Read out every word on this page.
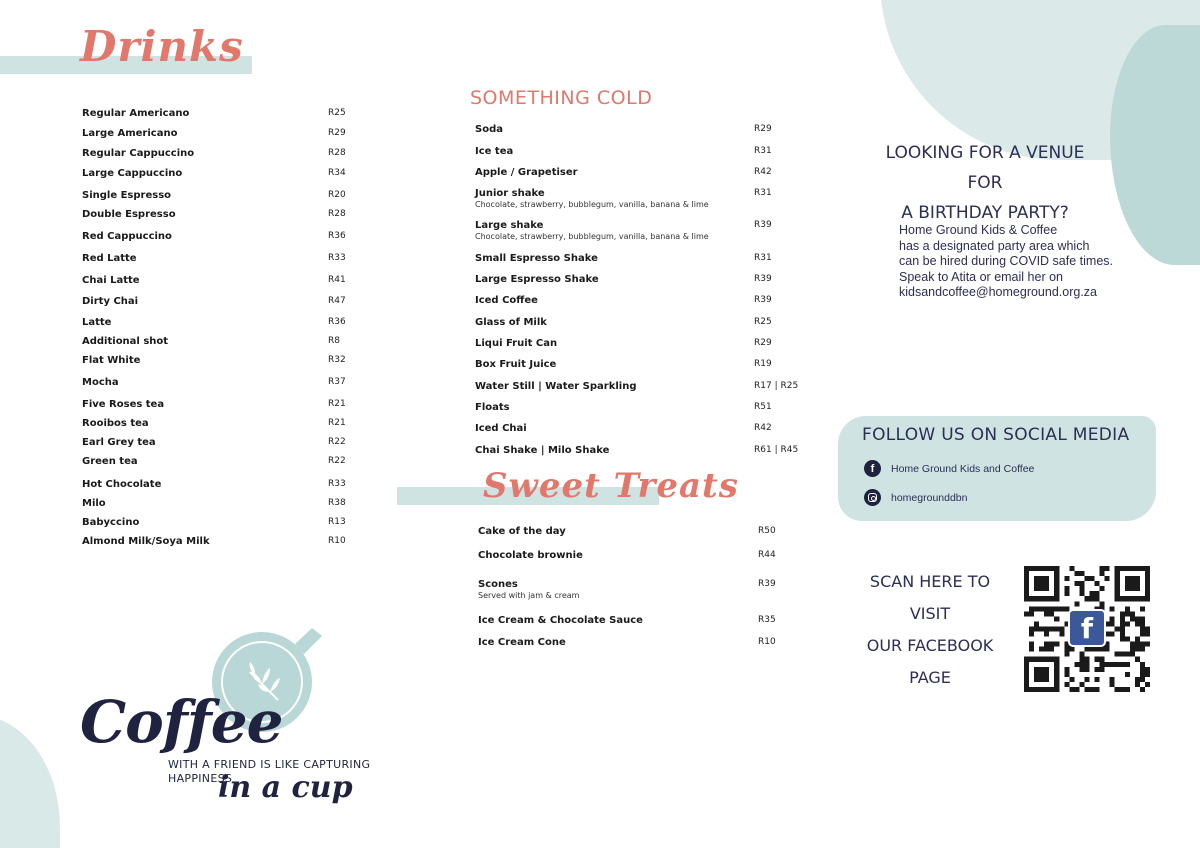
Drinks
Regular Americano	R25
Large Americano	R29
Regular Cappuccino	R28
Large Cappuccino	R34
Single Espresso	R20
Double Espresso	R28
Red Cappuccino	R36
Red Latte	R33
Chai Latte	R41
Dirty Chai	R47
Latte	R36
Additional shot	R8
Flat White	R32
Mocha	R37
Five Roses tea	R21
Rooibos tea	R21
Earl Grey tea	R22
Green tea	R22
Hot Chocolate	R33
Milo	R38
Babyccino	R13
Almond Milk/Soya Milk	R10
SOMETHING COLD
Soda	R29
Ice tea	R31
Apple / Grapetiser	R42
Junior shake	R31
Chocolate, strawberry, bubblegum, vanilla, banana & lime
Large shake	R39
Chocolate, strawberry, bubblegum, vanilla, banana & lime
Small Espresso Shake	R31
Large Espresso Shake	R39
Iced Coffee	R39
Glass of Milk	R25
Liqui Fruit Can	R29
Box Fruit Juice	R19
Water Still | Water Sparkling	R17 | R25
Floats	R51
Iced Chai	R42
Chai Shake | Milo Shake	R61 | R45
Sweet Treats
Cake of the day	R50
Chocolate brownie	R44
Scones	R39
Served with jam & cream
Ice Cream & Chocolate Sauce	R35
Ice Cream Cone	R10
LOOKING FOR A VENUE FOR
A BIRTHDAY PARTY?
Home Ground Kids & Coffee
has a designated party area which
can be hired during COVID safe times.
Speak to Atita or email her on
kidsandcoffee@homeground.org.za
FOLLOW US ON SOCIAL MEDIA
f	Home Ground Kids and Coffee
homegrounddbn
SCAN HERE TO VISIT
OUR FACEBOOK PAGE
f
Coffee
WITH A FRIEND IS LIKE CAPTURING
HAPPINESS
in a cup
